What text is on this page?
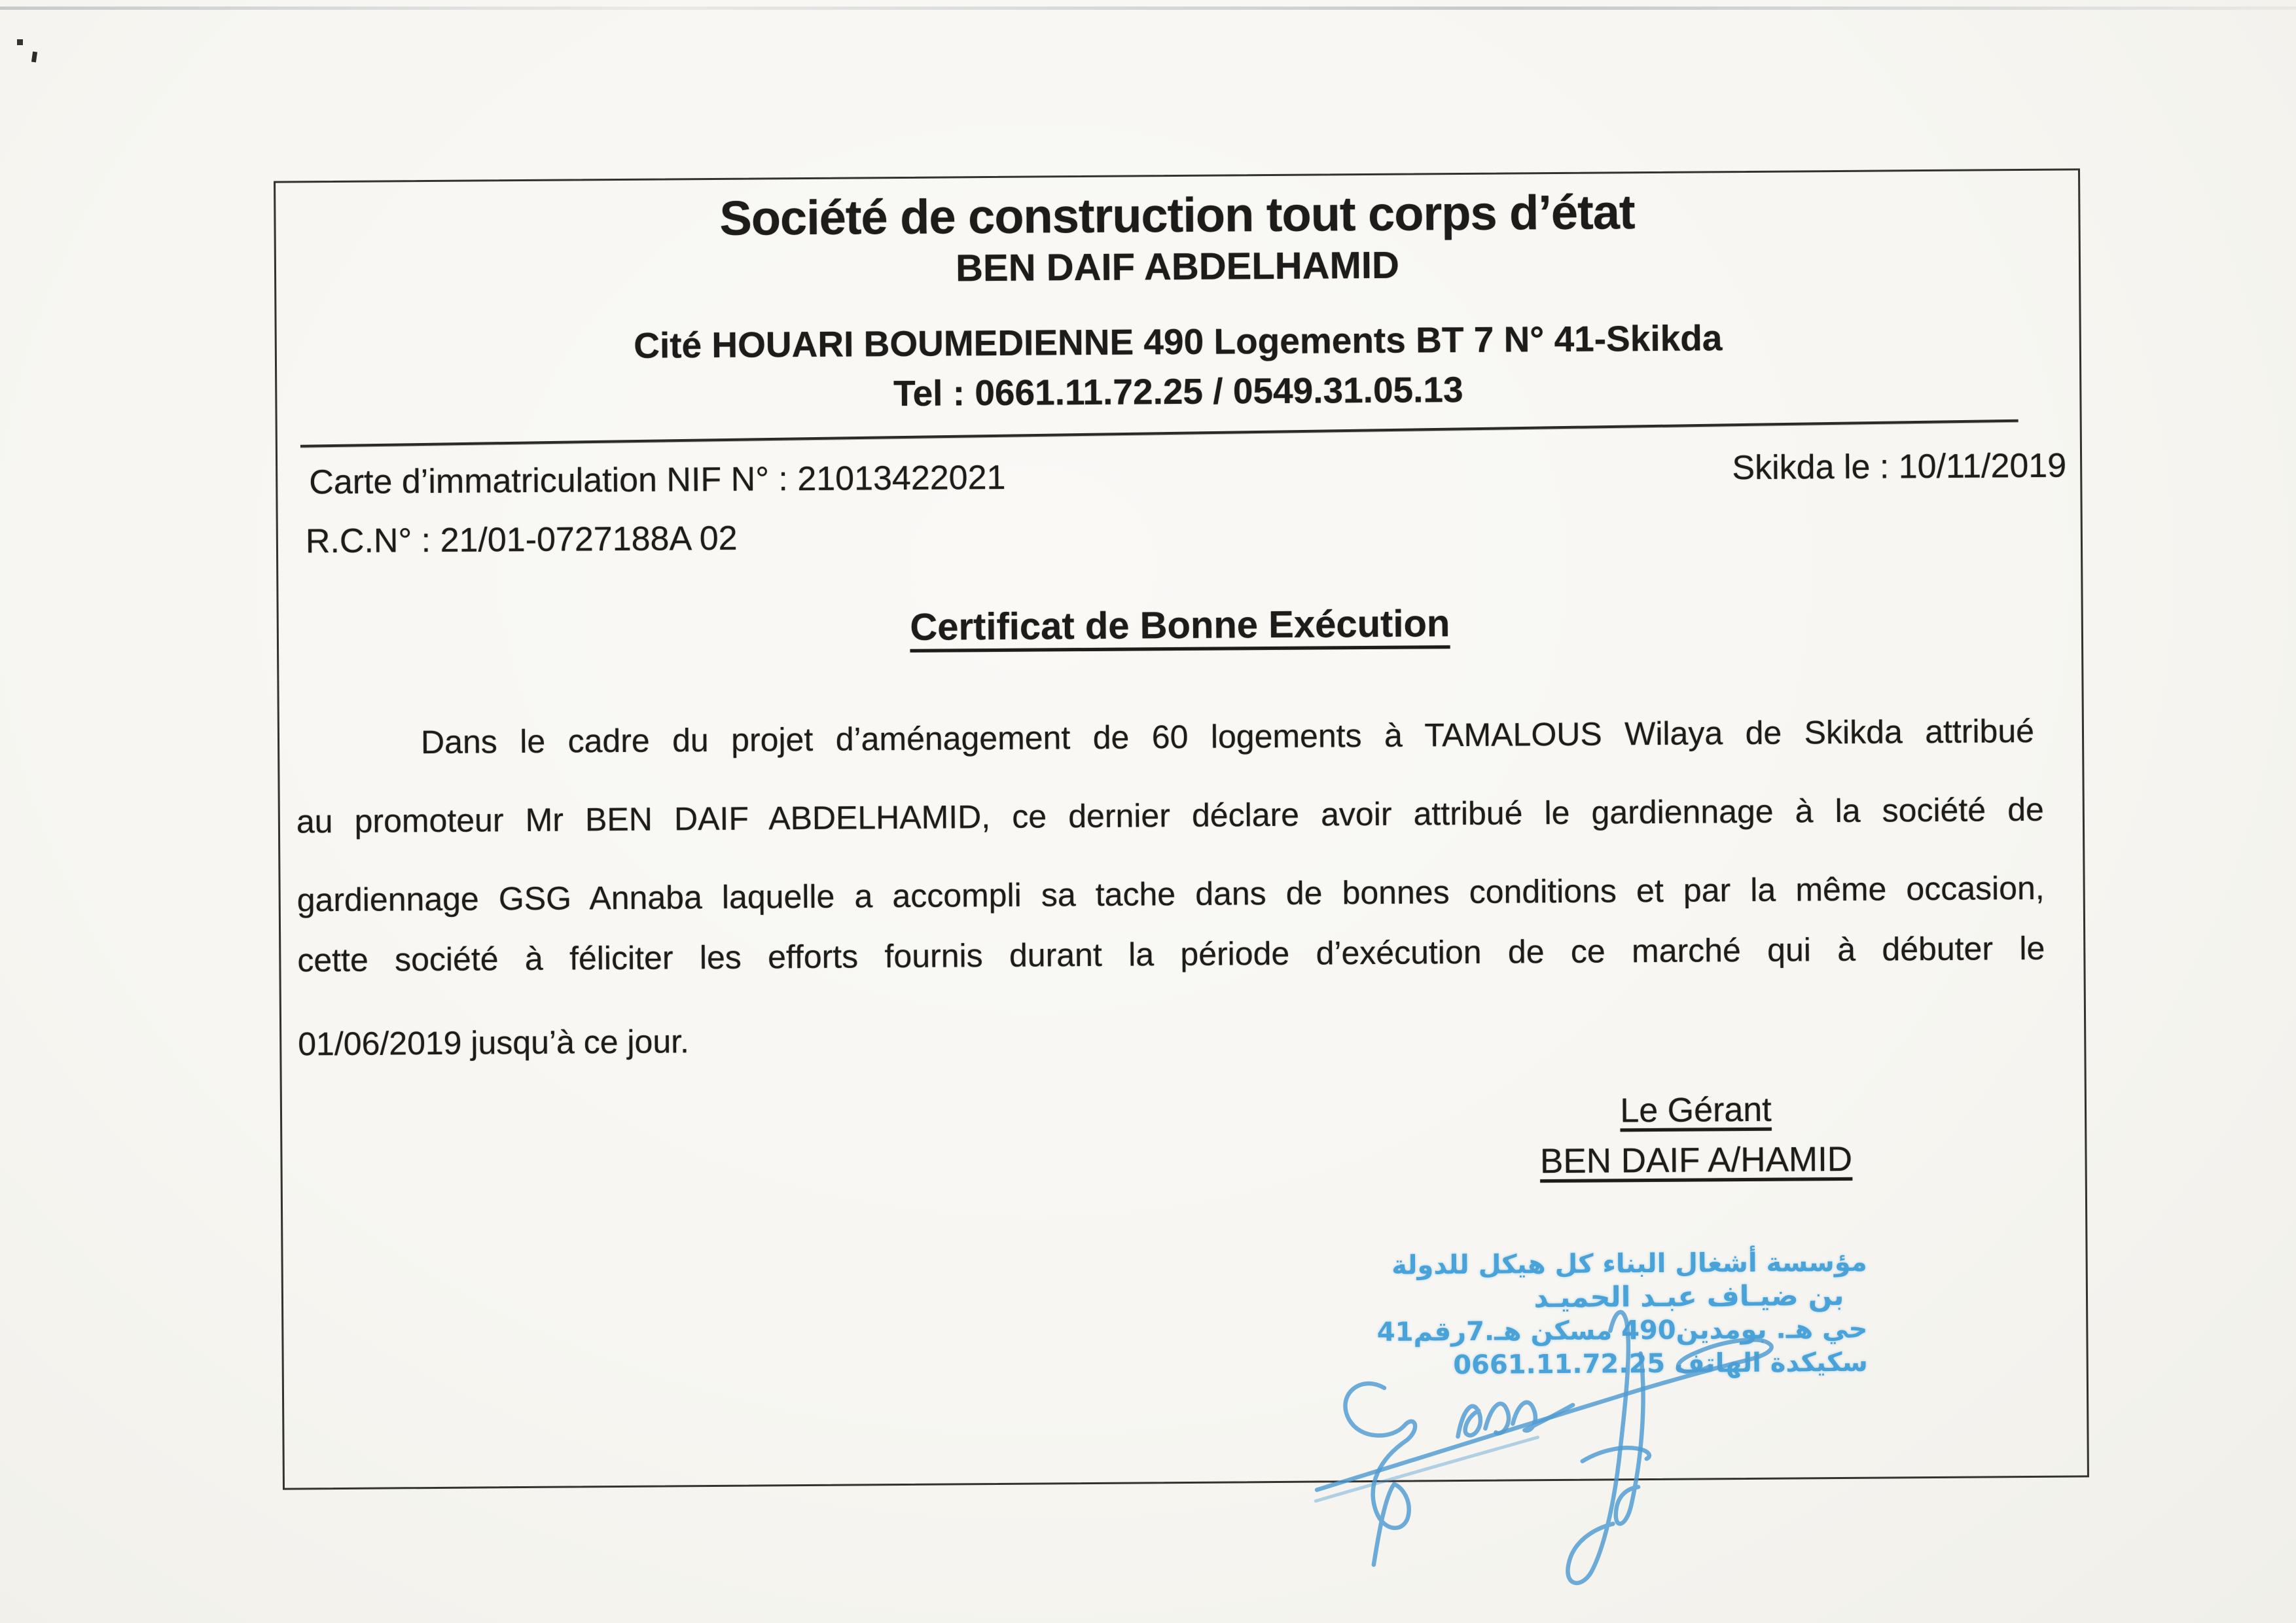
Société de construction tout corps d’état
BEN DAIF ABDELHAMID
Cité HOUARI BOUMEDIENNE 490 Logements BT 7 N° 41-Skikda
Tel : 0661.11.72.25 / 0549.31.05.13
Carte d’immatriculation NIF N° : 21013422021
R.C.N° : 21/01-0727188A 02
Skikda le : 10/11/2019
Certificat de Bonne Exécution
Dans le cadre du projet d’aménagement de 60 logements à TAMALOUS Wilaya de Skikda attribué
au promoteur Mr BEN DAIF ABDELHAMID, ce dernier déclare avoir attribué le gardiennage à la société de
gardiennage GSG Annaba laquelle a accompli sa tache dans de bonnes conditions et par la même occasion,
cette société à féliciter les efforts fournis durant la période d’exécution de ce marché qui à débuter le
01/06/2019 jusqu’à ce jour.
Le Gérant
BEN DAIF A/HAMID
مؤسسة أشغال البناء كل هيكل للدولة
بن ضيـاف عبـد الحميـد
حي هـ. بومدين490 مسكن هـ.7رقم41
سكيكدة الهاتف 0661.11.72.25
